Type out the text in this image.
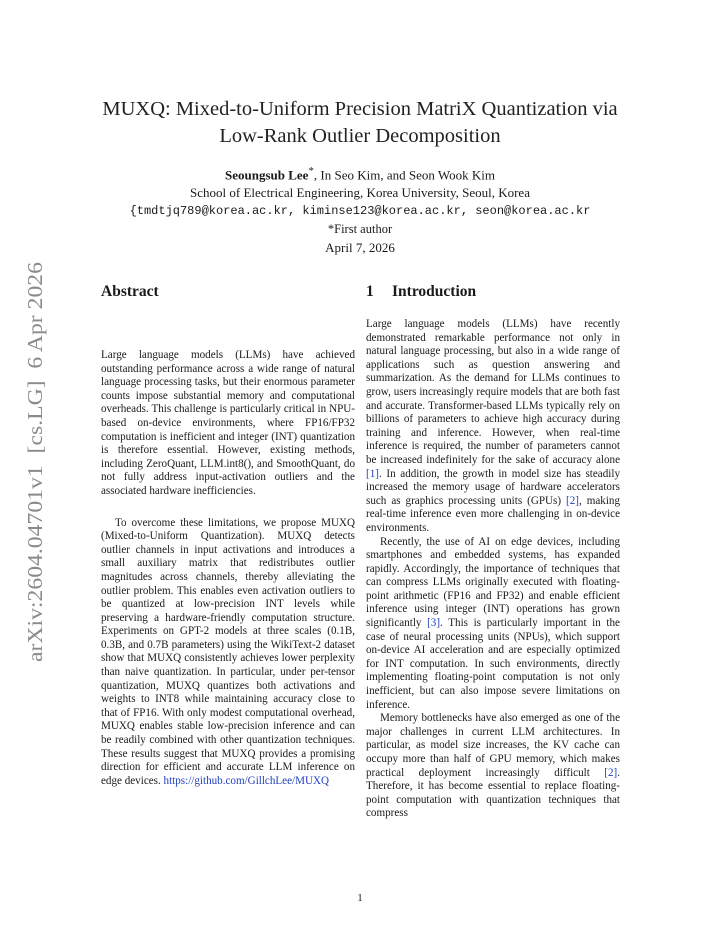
arXiv:2604.04701v1  [cs.LG]  6 Apr 2026
MUXQ: Mixed-to-Uniform Precision MatriX Quantization via
Low-Rank Outlier Decomposition
Seoungsub Lee*, In Seo Kim, and Seon Wook Kim
School of Electrical Engineering, Korea University, Seoul, Korea
{tmdtjq789@korea.ac.kr, kiminse123@korea.ac.kr, seon@korea.ac.kr
*First author
April 7, 2026
Abstract

Large language models (LLMs) have achieved outstanding performance across a wide range of natural language processing tasks, but their enormous parameter counts impose substantial memory and computational overheads. This challenge is particularly critical in NPU-based on-device environments, where FP16/FP32 computation is inefficient and integer (INT) quantization is therefore essential. However, existing methods, including ZeroQuant, LLM.int8(), and SmoothQuant, do not fully address input-activation outliers and the associated hardware inefficiencies.

To overcome these limitations, we propose MUXQ (Mixed-to-Uniform Quantization). MUXQ detects outlier channels in input activations and introduces a small auxiliary matrix that redistributes outlier magnitudes across channels, thereby alleviating the outlier problem. This enables even activation outliers to be quantized at low-precision INT levels while preserving a hardware-friendly computation structure. Experiments on GPT-2 models at three scales (0.1B, 0.3B, and 0.7B parameters) using the WikiText-2 dataset show that MUXQ consistently achieves lower perplexity than naive quantization. In particular, under per-tensor quantization, MUXQ quantizes both activations and weights to INT8 while maintaining accuracy close to that of FP16. With only modest computational overhead, MUXQ enables stable low-precision inference and can be readily combined with other quantization techniques. These results suggest that MUXQ provides a promising direction for efficient and accurate LLM inference on edge devices. https://github.com/GillchLee/MUXQ

1 Introduction

Large language models (LLMs) have recently demonstrated remarkable performance not only in natural language processing, but also in a wide range of applications such as question answering and summarization. As the demand for LLMs continues to grow, users increasingly require models that are both fast and accurate. Transformer-based LLMs typically rely on billions of parameters to achieve high accuracy during training and inference. However, when real-time inference is required, the number of parameters cannot be increased indefinitely for the sake of accuracy alone [1]. In addition, the growth in model size has steadily increased the memory usage of hardware accelerators such as graphics processing units (GPUs) [2], making real-time inference even more challenging in on-device environments.

Recently, the use of AI on edge devices, including smartphones and embedded systems, has expanded rapidly. Accordingly, the importance of techniques that can compress LLMs originally executed with floating-point arithmetic (FP16 and FP32) and enable efficient inference using integer (INT) operations has grown significantly [3]. This is particularly important in the case of neural processing units (NPUs), which support on-device AI acceleration and are especially optimized for INT computation. In such environments, directly implementing floating-point computation is not only inefficient, but can also impose severe limitations on inference.

Memory bottlenecks have also emerged as one of the major challenges in current LLM architectures. In particular, as model size increases, the KV cache can occupy more than half of GPU memory, which makes practical deployment increasingly difficult [2]. Therefore, it has become essential to replace floating-point computation with quantization techniques that compress

1
